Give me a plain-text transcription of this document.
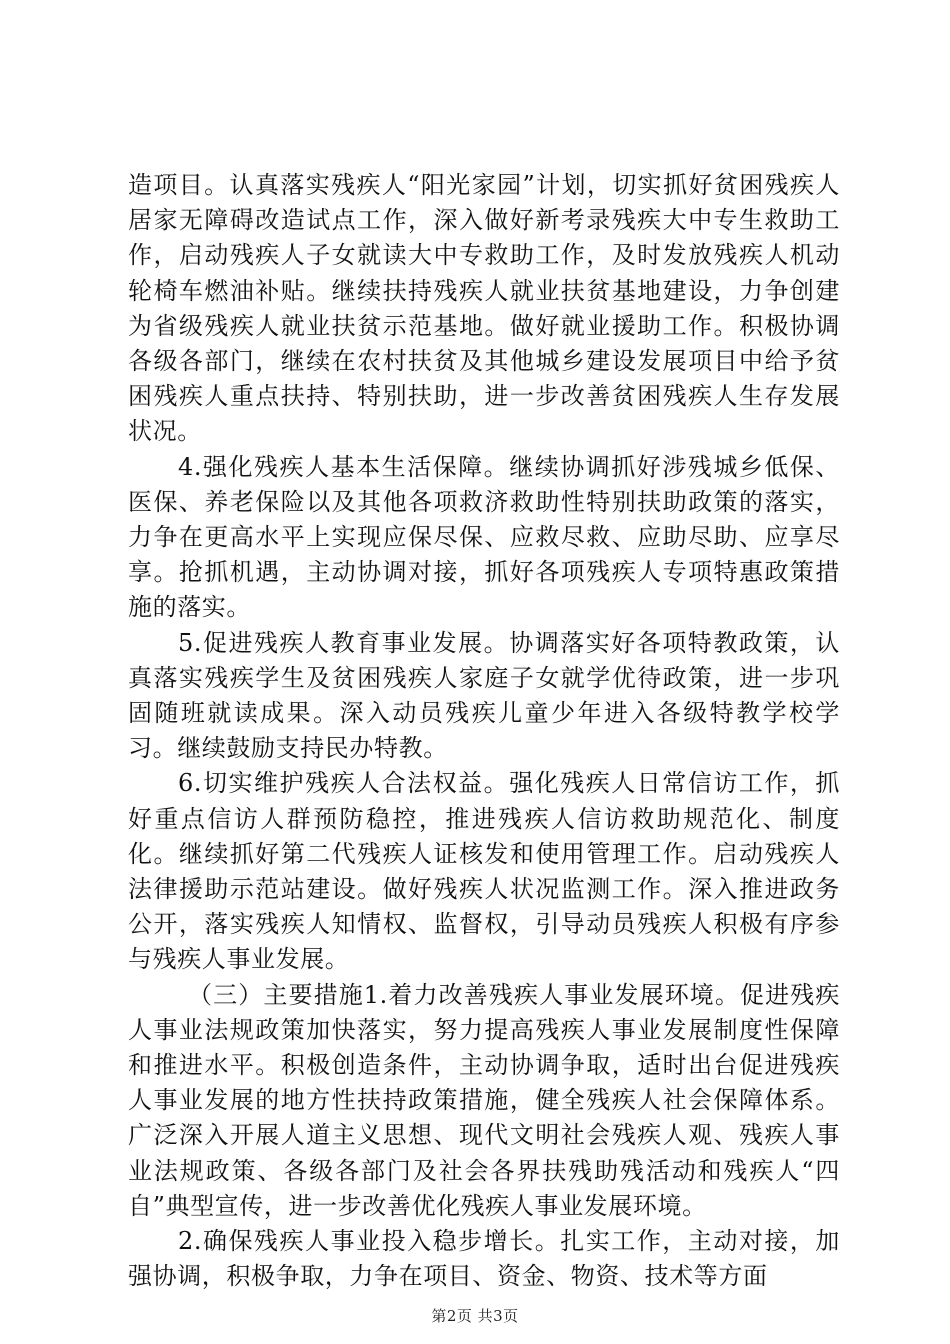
造项目。认真落实残疾人“阳光家园”计划，切实抓好贫困残疾人居家无障碍改造试点工作，深入做好新考录残疾大中专生救助工作，启动残疾人子女就读大中专救助工作，及时发放残疾人机动轮椅车燃油补贴。继续扶持残疾人就业扶贫基地建设，力争创建为省级残疾人就业扶贫示范基地。做好就业援助工作。积极协调各级各部门，继续在农村扶贫及其他城乡建设发展项目中给予贫困残疾人重点扶持、特别扶助，进一步改善贫困残疾人生存发展状况。

4.强化残疾人基本生活保障。继续协调抓好涉残城乡低保、医保、养老保险以及其他各项救济救助性特别扶助政策的落实，力争在更高水平上实现应保尽保、应救尽救、应助尽助、应享尽享。抢抓机遇，主动协调对接，抓好各项残疾人专项特惠政策措施的落实。

5.促进残疾人教育事业发展。协调落实好各项特教政策，认真落实残疾学生及贫困残疾人家庭子女就学优待政策，进一步巩固随班就读成果。深入动员残疾儿童少年进入各级特教学校学习。继续鼓励支持民办特教。

6.切实维护残疾人合法权益。强化残疾人日常信访工作，抓好重点信访人群预防稳控，推进残疾人信访救助规范化、制度化。继续抓好第二代残疾人证核发和使用管理工作。启动残疾人法律援助示范站建设。做好残疾人状况监测工作。深入推进政务公开，落实残疾人知情权、监督权，引导动员残疾人积极有序参与残疾人事业发展。

（三）主要措施1.着力改善残疾人事业发展环境。促进残疾人事业法规政策加快落实，努力提高残疾人事业发展制度性保障和推进水平。积极创造条件，主动协调争取，适时出台促进残疾人事业发展的地方性扶持政策措施，健全残疾人社会保障体系。广泛深入开展人道主义思想、现代文明社会残疾人观、残疾人事业法规政策、各级各部门及社会各界扶残助残活动和残疾人“四自”典型宣传，进一步改善优化残疾人事业发展环境。

2.确保残疾人事业投入稳步增长。扎实工作，主动对接，加强协调，积极争取，力争在项目、资金、物资、技术等方面

第2页 共3页
